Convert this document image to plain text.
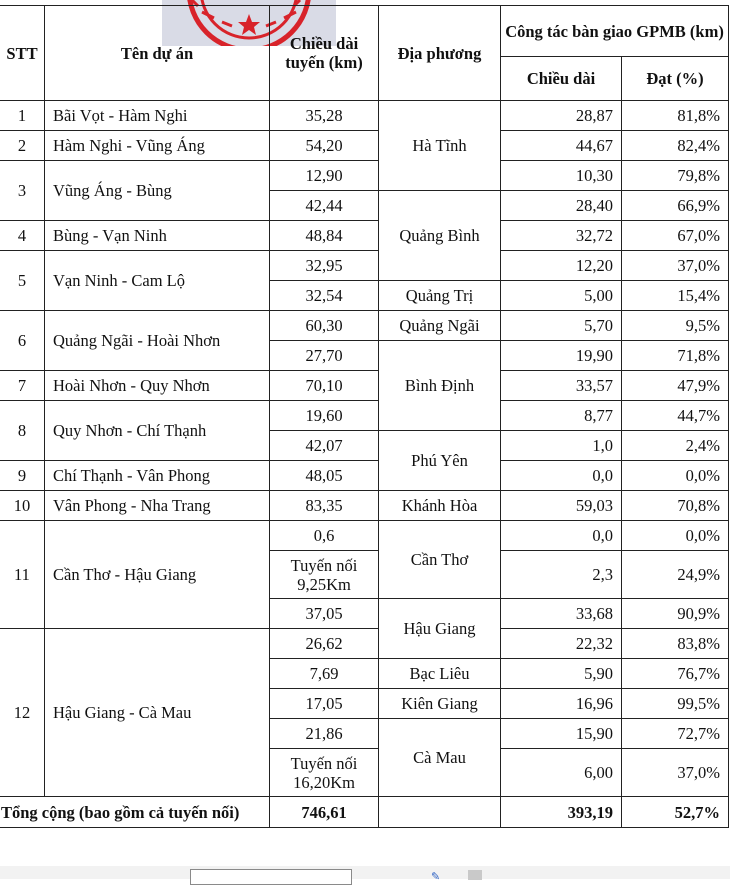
STT	Tên dự án	Chiều dài tuyến (km)	Địa phương	Công tác bàn giao GPMB (km)	
				Chiều dài	Đạt (%)
1	Bãi Vọt - Hàm Nghi	35,28	Hà Tĩnh	28,87	81,8%
2	Hàm Nghi - Vũng Áng	54,20		44,67	82,4%
3	Vũng Áng - Bùng	12,90		10,30	79,8%
		42,44	Quảng Bình	28,40	66,9%
4	Bùng - Vạn Ninh	48,84		32,72	67,0%
5	Vạn Ninh - Cam Lộ	32,95		12,20	37,0%
		32,54	Quảng Trị	5,00	15,4%
6	Quảng Ngãi - Hoài Nhơn	60,30	Quảng Ngãi	5,70	9,5%
		27,70	Bình Định	19,90	71,8%
7	Hoài Nhơn - Quy Nhơn	70,10		33,57	47,9%
8	Quy Nhơn - Chí Thạnh	19,60		8,77	44,7%
		42,07	Phú Yên	1,0	2,4%
9	Chí Thạnh - Vân Phong	48,05		0,0	0,0%
10	Vân Phong - Nha Trang	83,35	Khánh Hòa	59,03	70,8%
11	Cần Thơ - Hậu Giang	0,6	Cần Thơ	0,0	0,0%
		Tuyến nối 9,25Km		2,3	24,9%
		37,05	Hậu Giang	33,68	90,9%
12	Hậu Giang - Cà Mau	26,62		22,32	83,8%
		7,69	Bạc Liêu	5,90	76,7%
		17,05	Kiên Giang	16,96	99,5%
		21,86	Cà Mau	15,90	72,7%
		Tuyến nối 16,20Km		6,00	37,0%
Tổng cộng (bao gồm cả tuyến nối)		746,61		393,19	52,7%
✎
